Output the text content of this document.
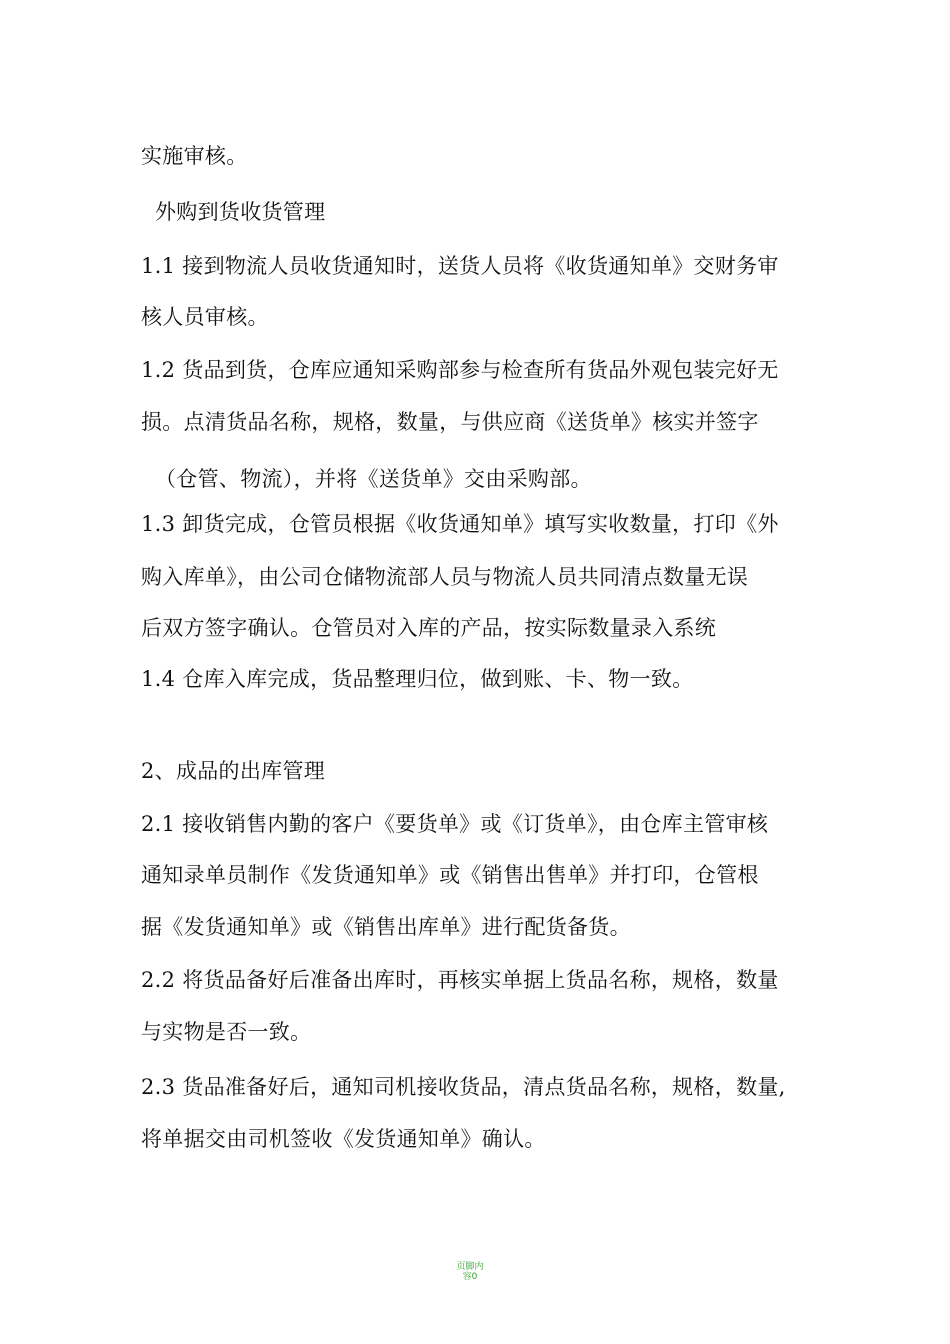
实施审核。
外购到货收货管理
1.1 接到物流人员收货通知时，送货人员将《收货通知单》交财务审
核人员审核。
1.2 货品到货，仓库应通知采购部参与检查所有货品外观包装完好无
损。点清货品名称，规格，数量，与供应商《送货单》核实并签字
（仓管、物流），并将《送货单》交由采购部。
1.3 卸货完成，仓管员根据《收货通知单》填写实收数量，打印《外
购入库单》，由公司仓储物流部人员与物流人员共同清点数量无误
后双方签字确认。仓管员对入库的产品，按实际数量录入系统
1.4 仓库入库完成，货品整理归位，做到账、卡、物一致。
2、成品的出库管理
2.1 接收销售内勤的客户《要货单》或《订货单》，由仓库主管审核
通知录单员制作《发货通知单》或《销售出售单》并打印，仓管根
据《发货通知单》或《销售出库单》进行配货备货。
2.2 将货品备好后准备出库时，再核实单据上货品名称，规格，数量
与实物是否一致。
2.3 货品准备好后，通知司机接收货品，清点货品名称，规格，数量,
将单据交由司机签收《发货通知单》确认。
页脚内
容0
